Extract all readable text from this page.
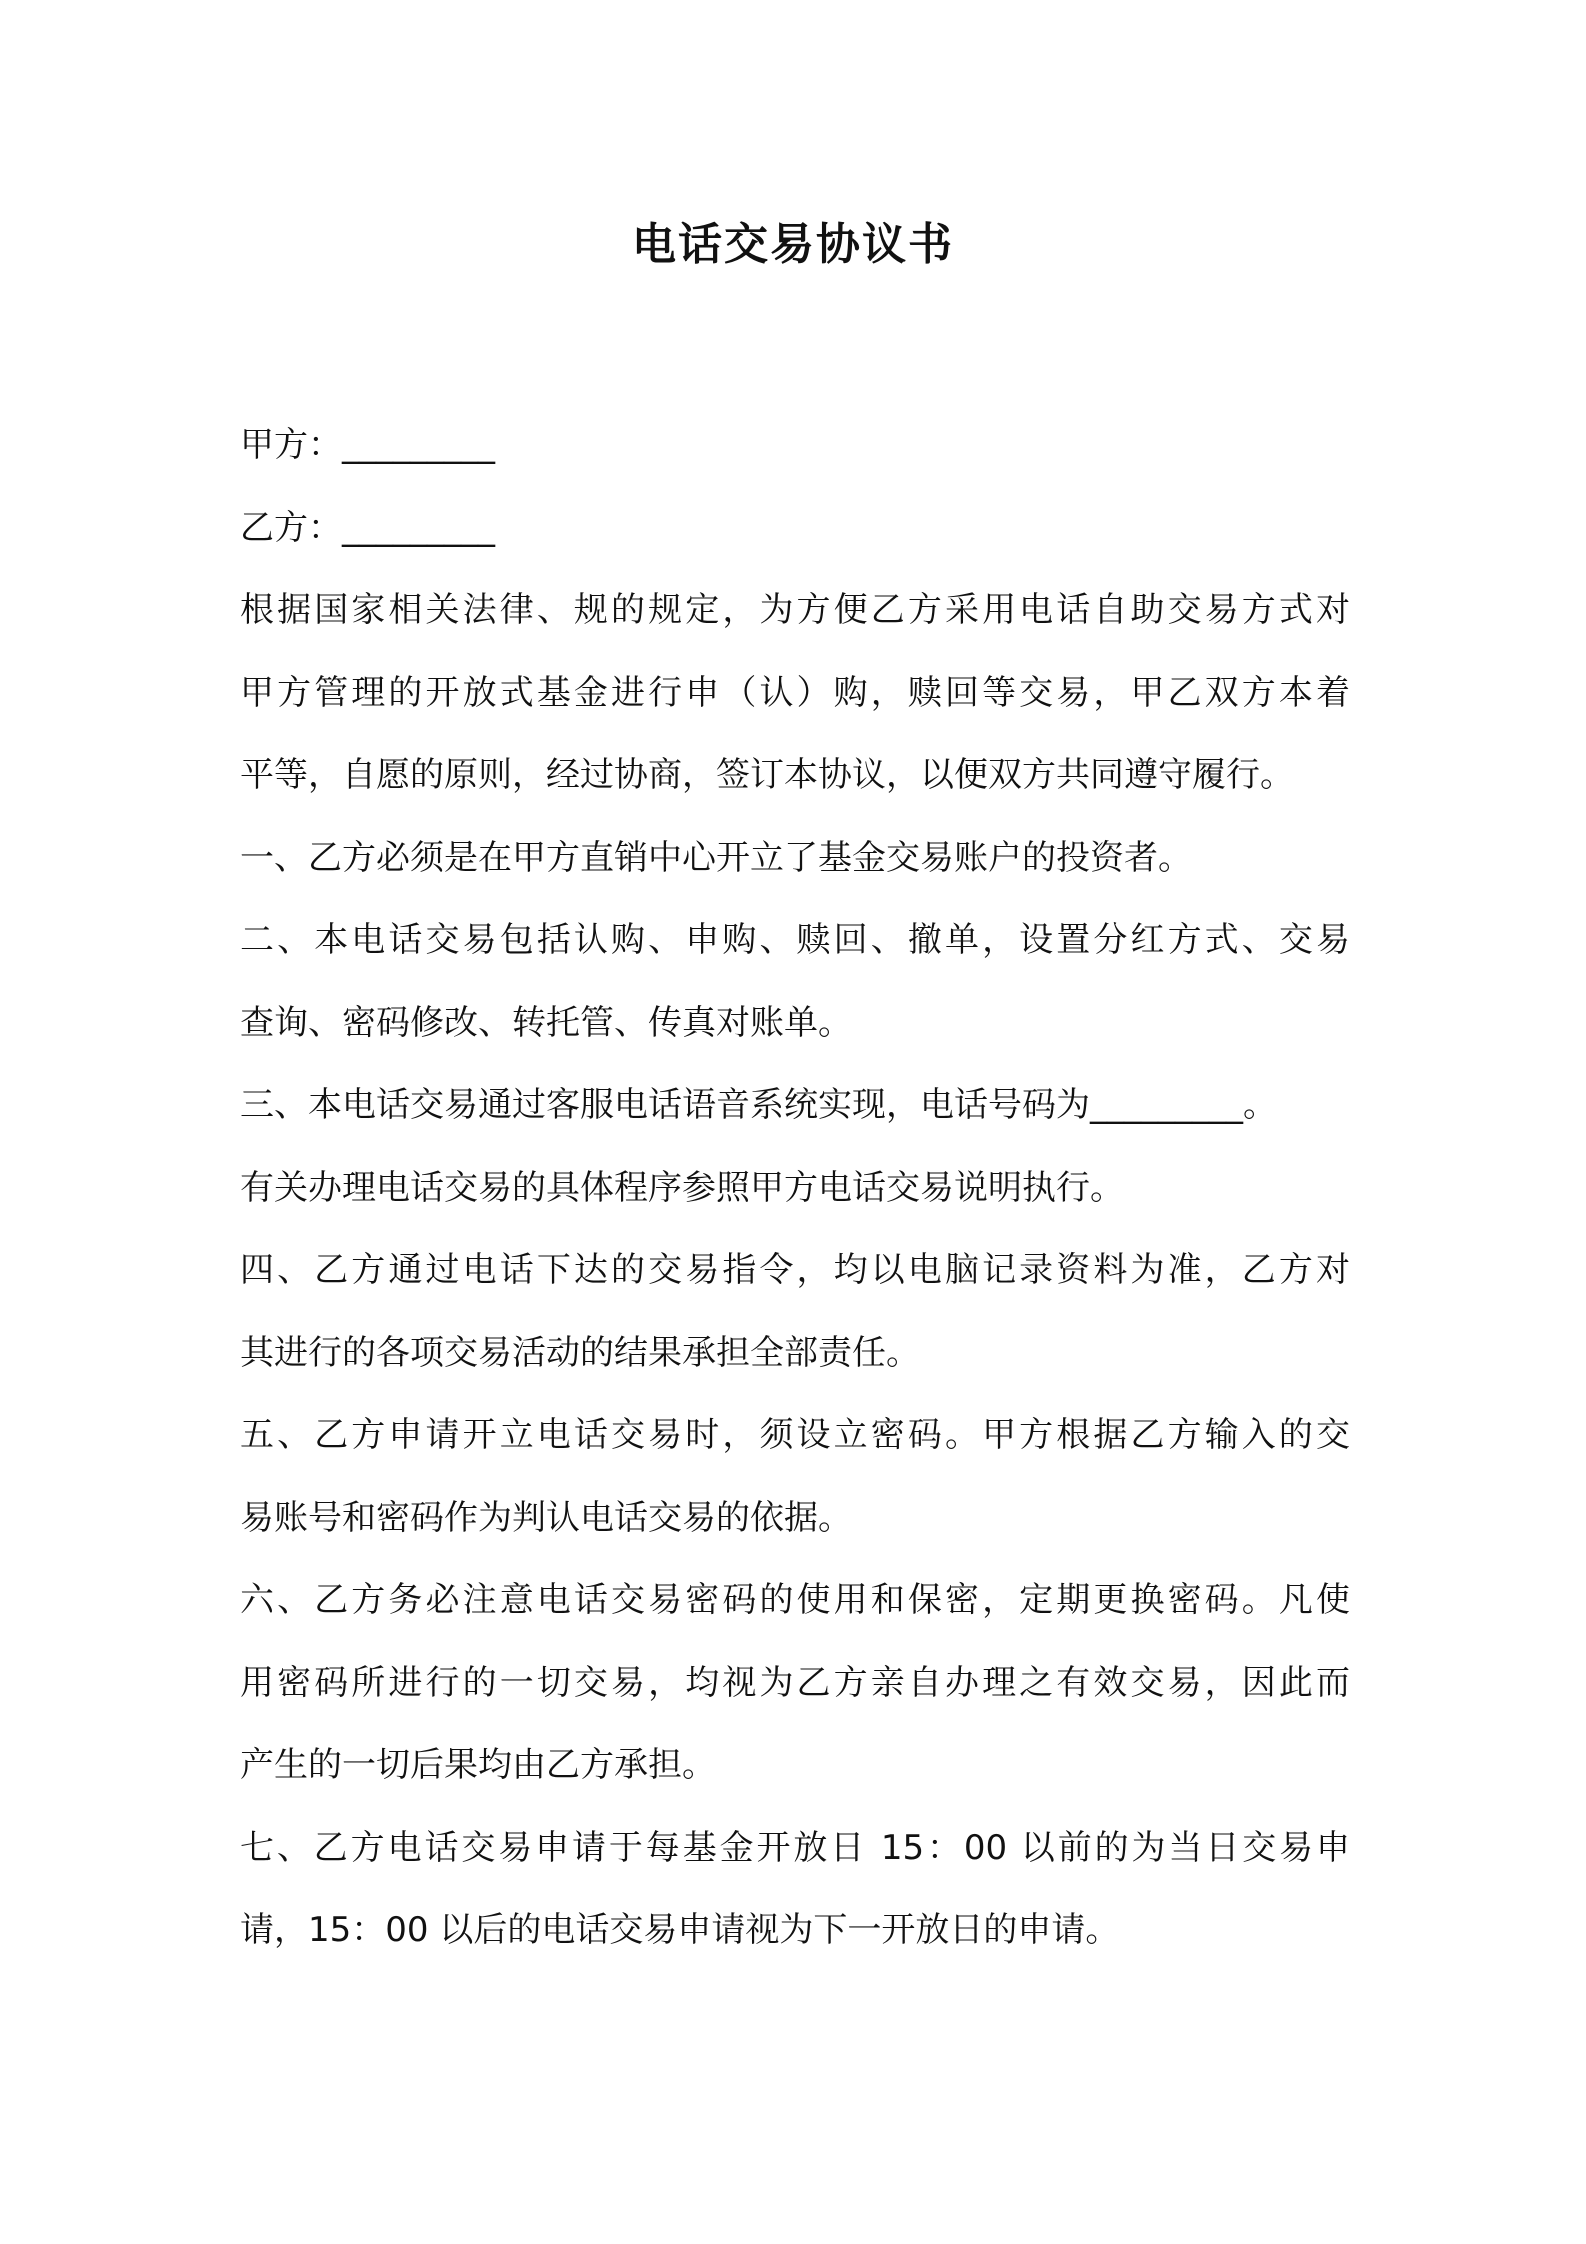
电话交易协议书
甲方：_________
乙方：_________
根据国家相关法律、规的规定，为方便乙方采用电话自助交易方式对
甲方管理的开放式基金进行申（认）购，赎回等交易，甲乙双方本着
平等，自愿的原则，经过协商，签订本协议，以便双方共同遵守履行。
一、乙方必须是在甲方直销中心开立了基金交易账户的投资者。
二、本电话交易包括认购、申购、赎回、撤单，设置分红方式、交易
查询、密码修改、转托管、传真对账单。
三、本电话交易通过客服电话语音系统实现，电话号码为_________。
有关办理电话交易的具体程序参照甲方电话交易说明执行。
四、乙方通过电话下达的交易指令，均以电脑记录资料为准，乙方对
其进行的各项交易活动的结果承担全部责任。
五、乙方申请开立电话交易时，须设立密码。甲方根据乙方输入的交
易账号和密码作为判认电话交易的依据。
六、乙方务必注意电话交易密码的使用和保密，定期更换密码。凡使
用密码所进行的一切交易，均视为乙方亲自办理之有效交易，因此而
产生的一切后果均由乙方承担。
七、乙方电话交易申请于每基金开放日 15：00 以前的为当日交易申
请，15：00 以后的电话交易申请视为下一开放日的申请。
